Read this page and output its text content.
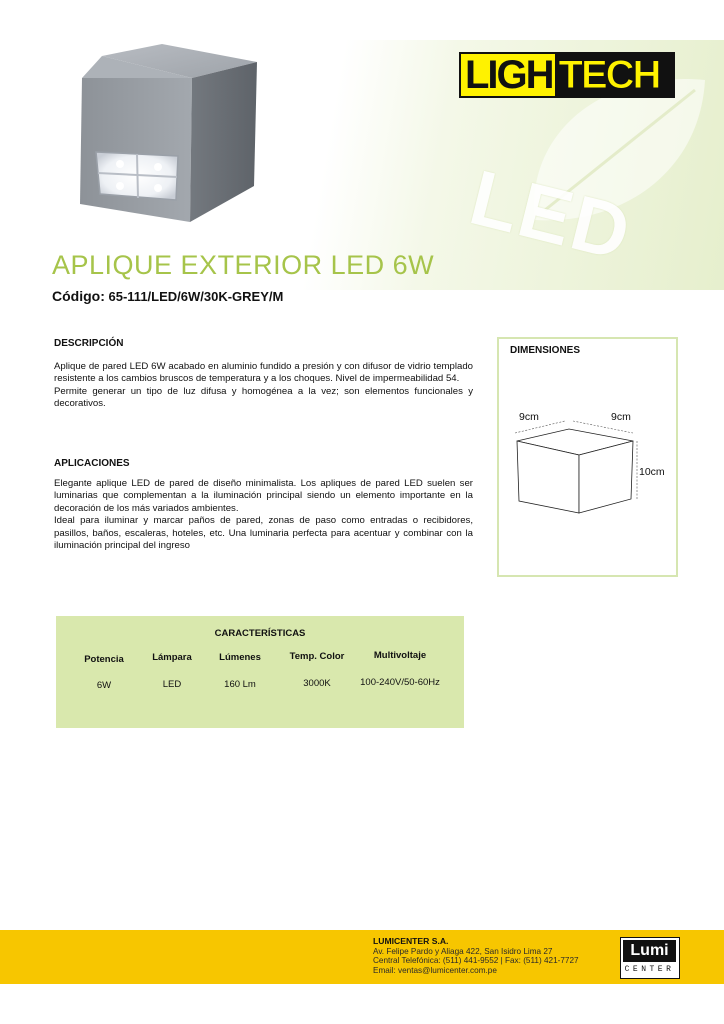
LED
LIGH TECH
APLIQUE EXTERIOR LED 6W
Código: 65-111/LED/6W/30K-GREY/M
DESCRIPCIÓN

Aplique de pared LED 6W acabado en aluminio fundido a presión y con difusor de vidrio templado resistente a los cambios bruscos de temperatura y a los choques. Nivel de impermeabilidad 54.

Permite generar un tipo de luz difusa y homogénea a la vez; son elementos funcionales y decorativos.

APLICACIONES

Elegante aplique LED de pared de diseño minimalista. Los apliques de pared LED suelen ser luminarias que complementan a la iluminación principal siendo un elemento importante en la decoración de los más variados ambientes.

Ideal para iluminar y marcar paños de pared, zonas de paso como entradas o recibidores, pasillos, baños, escaleras, hoteles, etc. Una luminaria perfecta para acentuar y combinar con la iluminación principal del ingreso

DIMENSIONES
9cm	9cm
10cm
CARACTERÍSTICAS
Potencia	Lámpara	Lúmenes	Temp. Color	Multivoltaje
6W	LED	160 Lm	3000K	100-240V/50-60Hz
LUMICENTER S.A.
Av. Felipe Pardo y Aliaga 422, San Isidro Lima 27
Central Telefónica: (511) 441-9552 | Fax: (511) 421-7727
Email: ventas@lumicenter.com.pe
Lumi
CENTER
